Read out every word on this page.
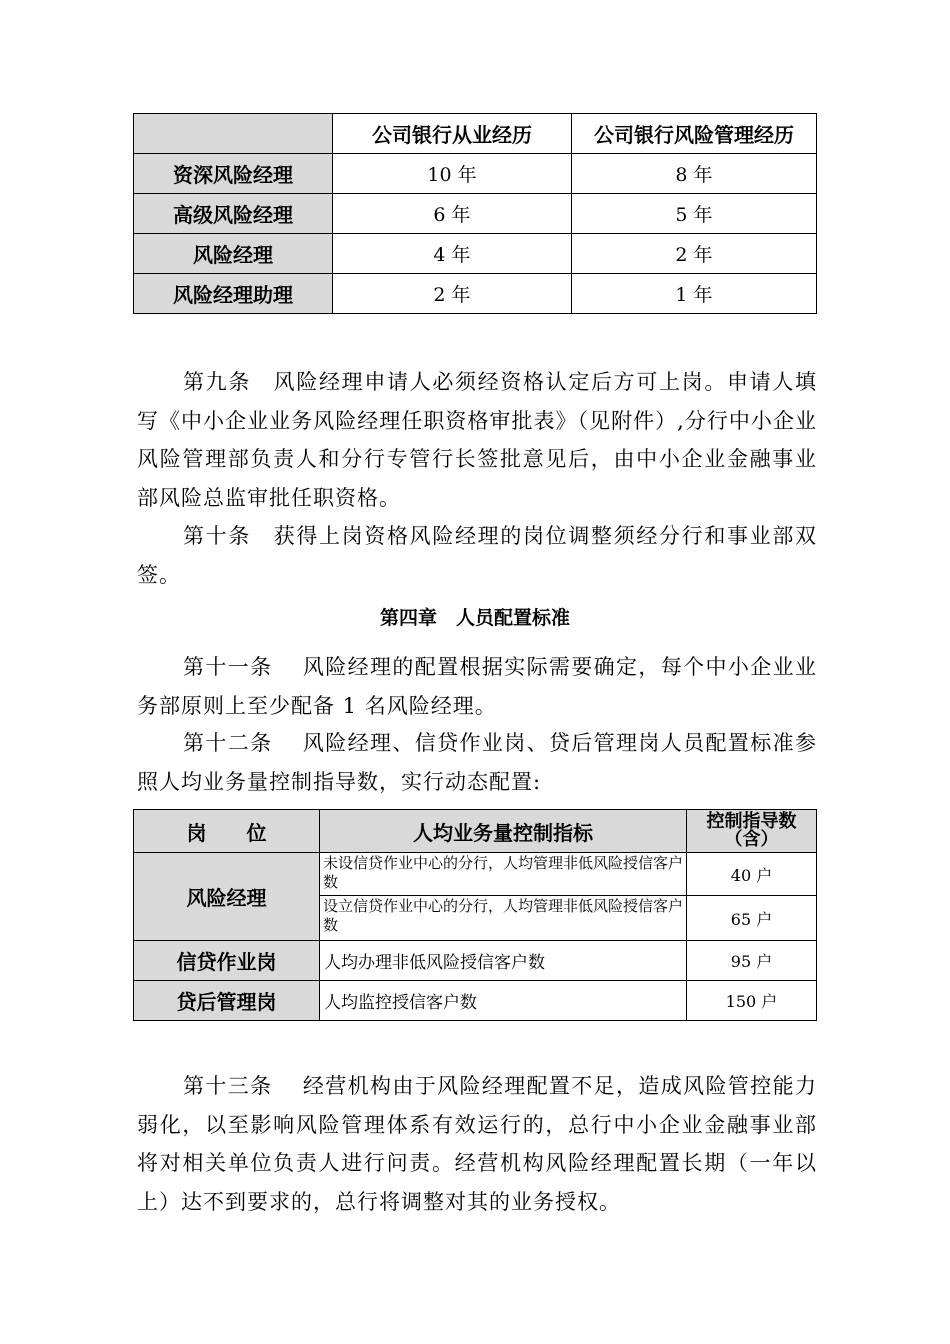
	公司银行从业经历	公司银行风险管理经历
资深风险经理	10 年	8 年
高级风险经理	6 年	5 年
风险经理	4 年	2 年
风险经理助理	2 年	1 年

第九条　风险经理申请人必须经资格认定后方可上岗。申请人填写《中小企业业务风险经理任职资格审批表》（见附件）,分行中小企业风险管理部负责人和分行专管行长签批意见后，由中小企业金融事业部风险总监审批任职资格。

第十条　获得上岗资格风险经理的岗位调整须经分行和事业部双签。

第四章　人员配置标准

第十一条　 风险经理的配置根据实际需要确定，每个中小企业业务部原则上至少配备 1 名风险经理。

第十二条　 风险经理、信贷作业岗、贷后管理岗人员配置标准参照人均业务量控制指导数，实行动态配置:

岗　　位	人均业务量控制指标	控制指导数（含）
风险经理	未设信贷作业中心的分行，人均管理非低风险授信客户数	40 户
	设立信贷作业中心的分行，人均管理非低风险授信客户数	65 户
信贷作业岗	人均办理非低风险授信客户数	95 户
贷后管理岗	人均监控授信客户数	150 户

第十三条　 经营机构由于风险经理配置不足，造成风险管控能力弱化，以至影响风险管理体系有效运行的，总行中小企业金融事业部将对相关单位负责人进行问责。经营机构风险经理配置长期（一年以上）达不到要求的，总行将调整对其的业务授权。
